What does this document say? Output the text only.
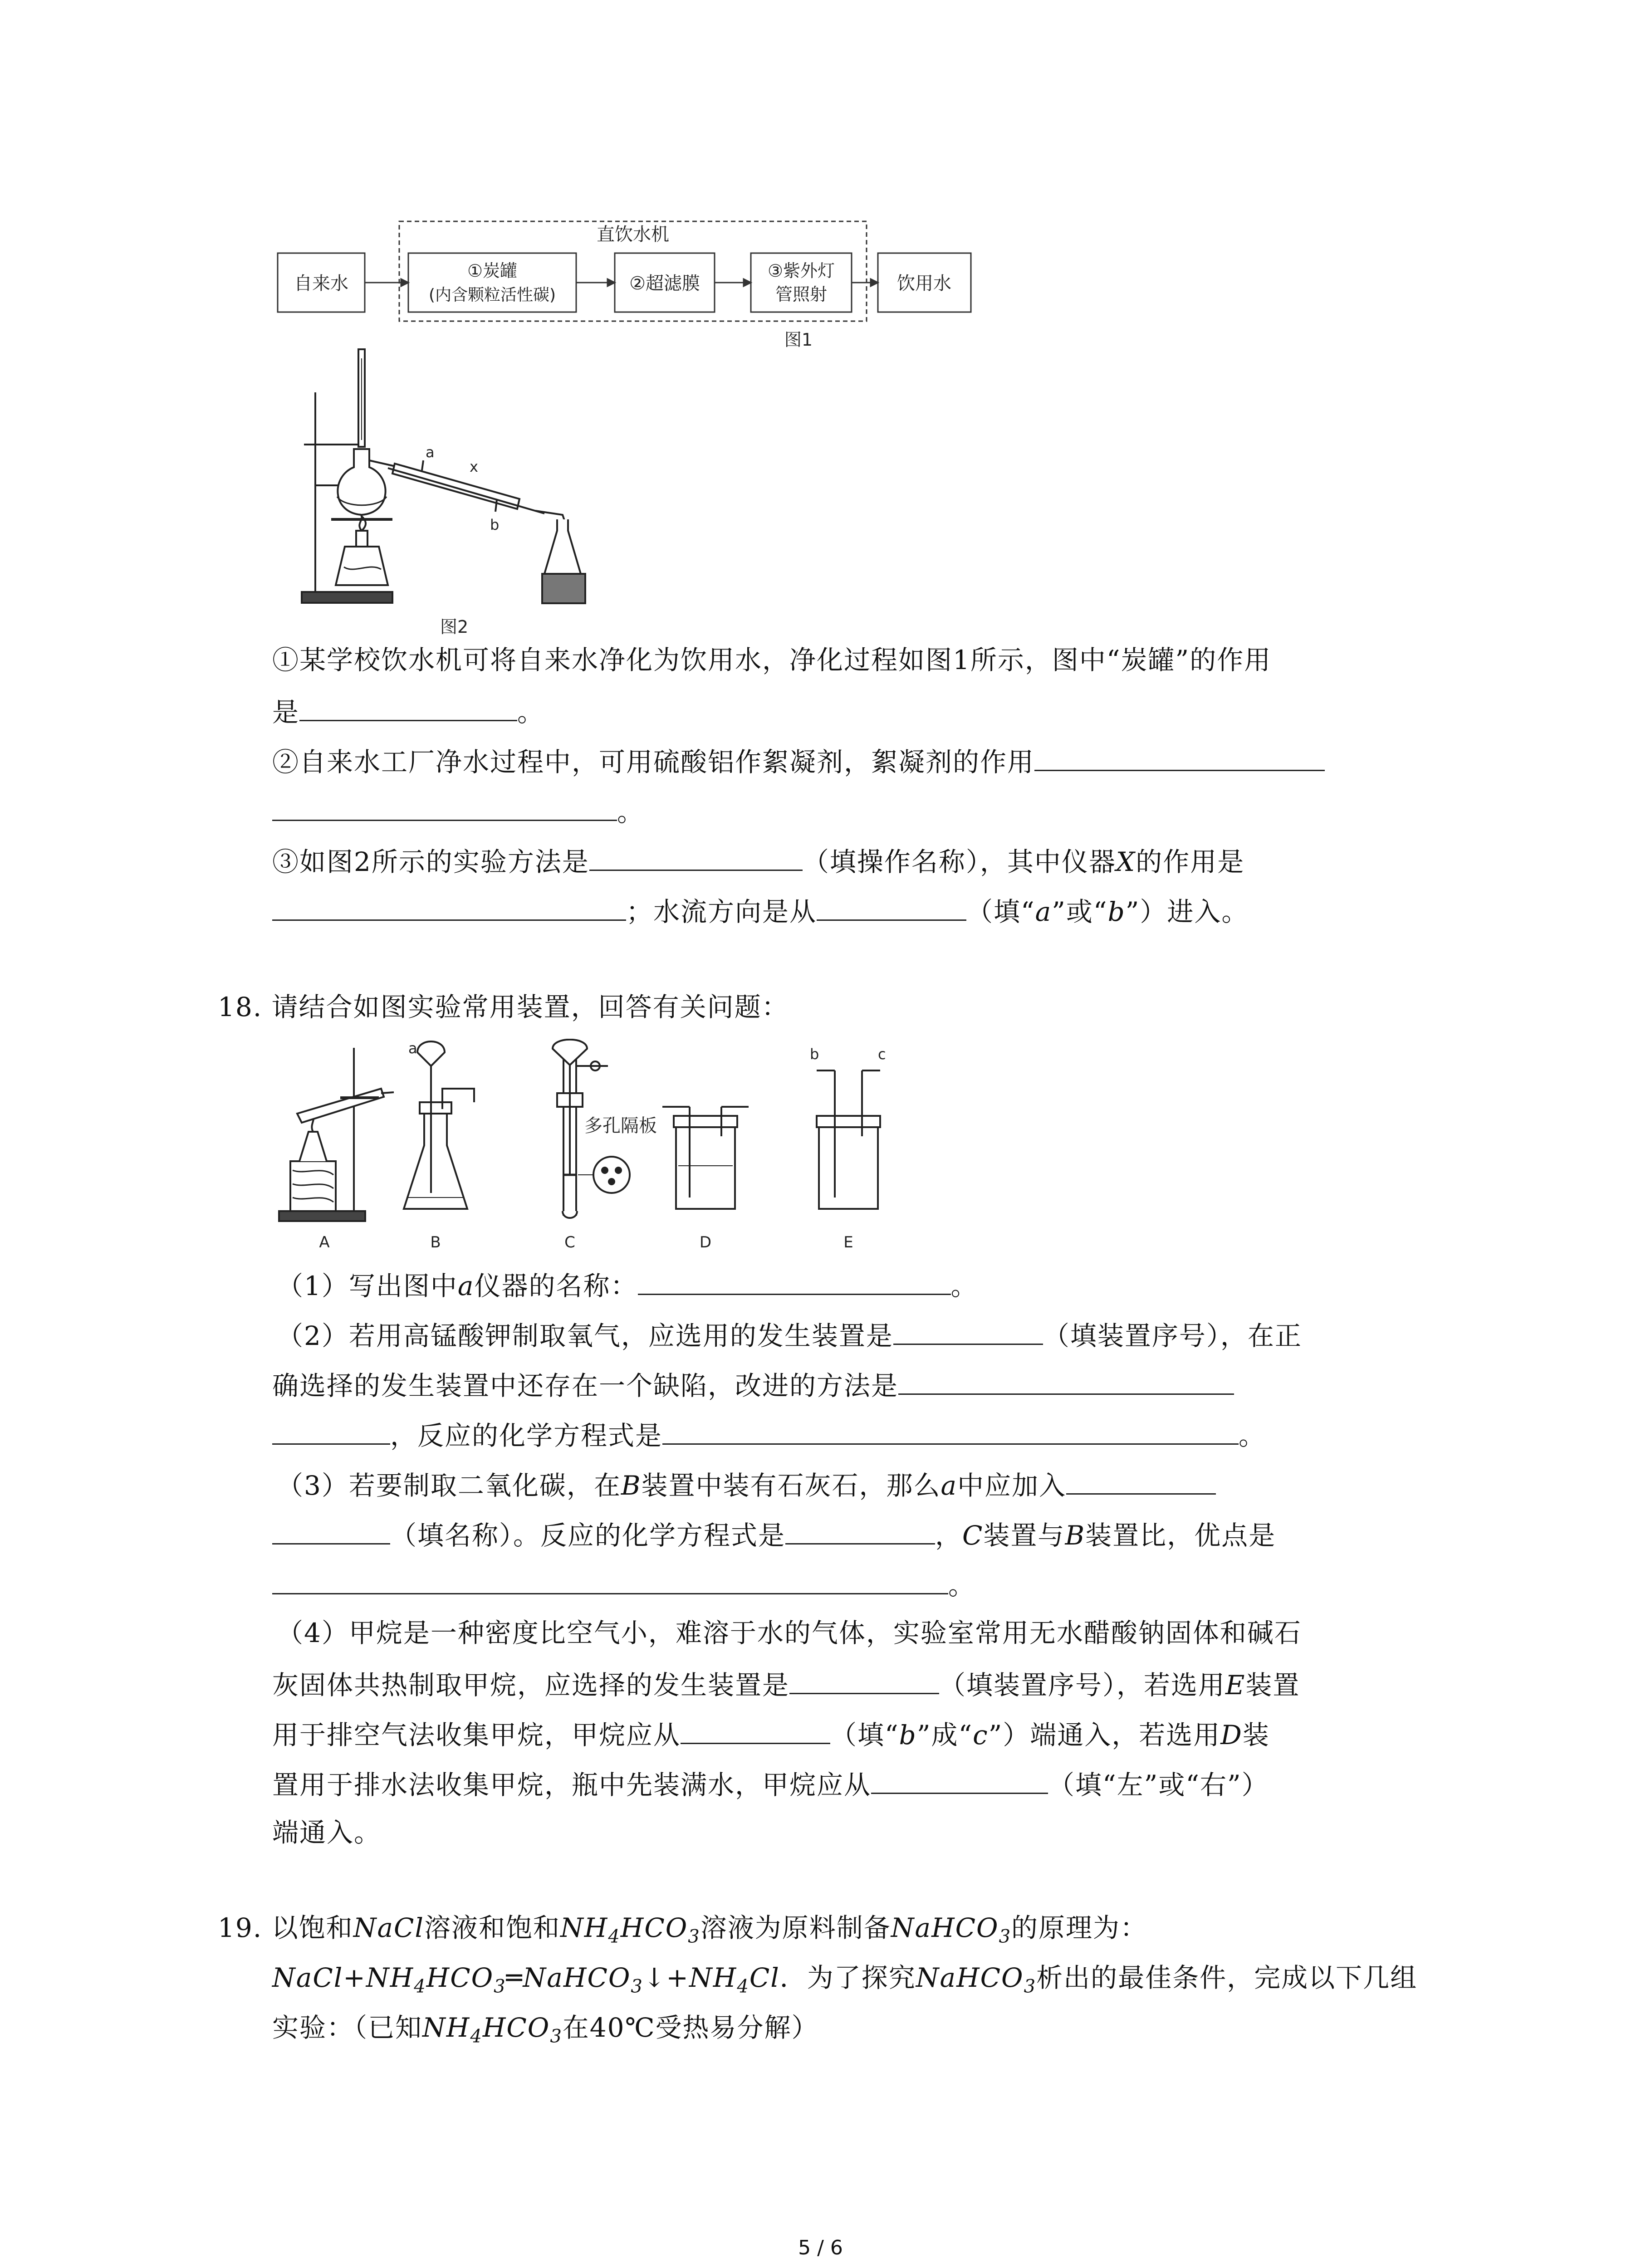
直饮水机
自来水
①炭罐
(内含颗粒活性碳)
②超滤膜
③紫外灯
管照射
饮用水
图1
a
x
b
图2
①某学校饮水机可将自来水净化为饮用水，净化过程如图1所示，图中“炭罐”的作用
是	。
②自来水工厂净水过程中，可用硫酸铝作絮凝剂，絮凝剂的作用
。
③如图2所示的实验方法是	（填操作名称），其中仪器X的作用是
；水流方向是从	（填“a”或“b”）进入。
18. 请结合如图实验常用装置，回答有关问题：
a	b	c
多孔隔板
A	B	C	D	E
（1）写出图中a仪器的名称：	。
（2）若用高锰酸钾制取氧气，应选用的发生装置是	（填装置序号），在正
确选择的发生装置中还存在一个缺陷，改进的方法是
，反应的化学方程式是	。
（3）若要制取二氧化碳，在B装置中装有石灰石，那么a中应加入
（填名称）。反应的化学方程式是	，C装置与B装置比，优点是
。
（4）甲烷是一种密度比空气小，难溶于水的气体，实验室常用无水醋酸钠固体和碱石
灰固体共热制取甲烷，应选择的发生装置是	（填装置序号），若选用E装置
用于排空气法收集甲烷，甲烷应从	（填“b”成“c”）端通入，若选用D装
置用于排水法收集甲烷，瓶中先装满水，甲烷应从	（填“左”或“右”）
端通入。
19. 以饱和NaCl溶液和饱和$NH_4HCO_3$溶液为原料制备NaHCO$_3$的原理为：
$NaCl+NH_4HCO_3═NaHCO_3↓+NH_4Cl$．为了探究NaHCO$_3$析出的最佳条件，完成以下几组
实验：（已知$NH_4HCO_3$在40℃受热易分解）
5 / 6
